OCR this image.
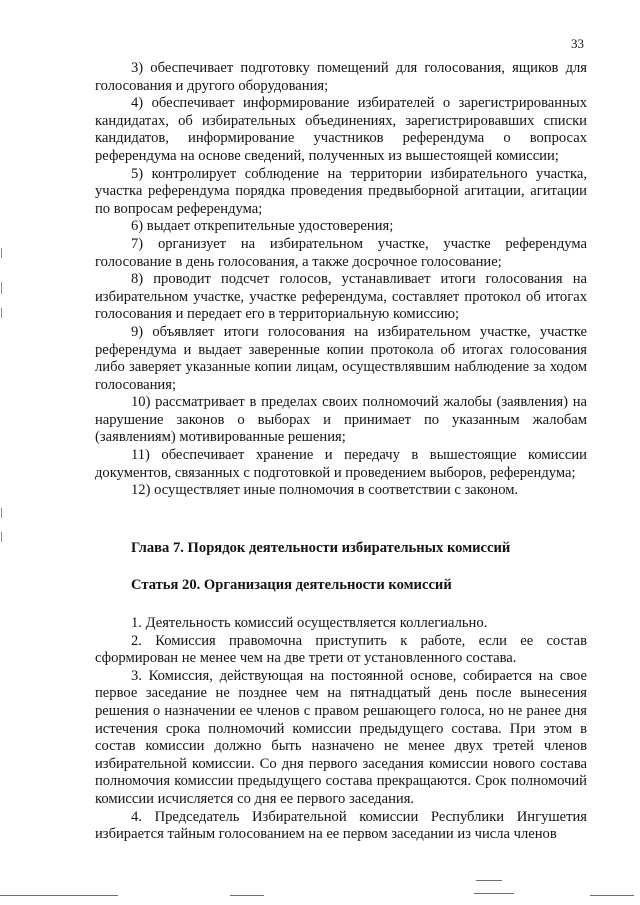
33

3) обеспечивает подготовку помещений для голосования, ящиков для голосования и другого оборудования;

4) обеспечивает информирование избирателей о зарегистрированных кандидатах, об избирательных объединениях, зарегистрировавших списки кандидатов, информирование участников референдума о вопросах референдума на основе сведений, полученных из вышестоящей комиссии;

5) контролирует соблюдение на территории избирательного участка, участка референдума порядка проведения предвыборной агитации, агитации по вопросам референдума;

6) выдает открепительные удостоверения;

7) организует на избирательном участке, участке референдума голосование в день голосования, а также досрочное голосование;

8) проводит подсчет голосов, устанавливает итоги голосования на избирательном участке, участке референдума, составляет протокол об итогах голосования и передает его в территориальную комиссию;

9) объявляет итоги голосования на избирательном участке, участке референдума и выдает заверенные копии протокола об итогах голосования либо заверяет указанные копии лицам, осуществлявшим наблюдение за ходом голосования;

10) рассматривает в пределах своих полномочий жалобы (заявления) на нарушение законов о выборах и принимает по указанным жалобам (заявлениям) мотивированные решения;

11) обеспечивает хранение и передачу в вышестоящие комиссии документов, связанных с подготовкой и проведением выборов, референдума;

12) осуществляет иные полномочия в соответствии с законом.

Глава 7. Порядок деятельности избирательных комиссий

Статья 20. Организация деятельности комиссий

1. Деятельность комиссий осуществляется коллегиально.

2. Комиссия правомочна приступить к работе, если ее состав сформирован не менее чем на две трети от установленного состава.

3. Комиссия, действующая на постоянной основе, собирается на свое первое заседание не позднее чем на пятнадцатый день после вынесения решения о назначении ее членов с правом решающего голоса, но не ранее дня истечения срока полномочий комиссии предыдущего состава. При этом в состав комиссии должно быть назначено не менее двух третей членов избирательной комиссии. Со дня первого заседания комиссии нового состава полномочия комиссии предыдущего состава прекращаются. Срок полномочий комиссии исчисляется со дня ее первого заседания.

4. Председатель Избирательной комиссии Республики Ингушетия избирается тайным голосованием на ее первом заседании из числа членов
